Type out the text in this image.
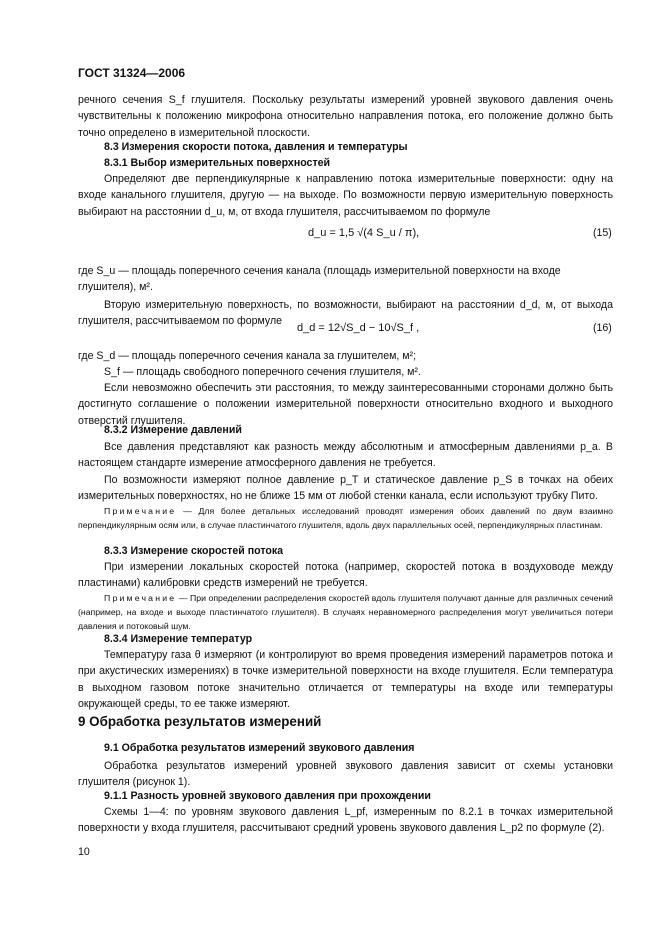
ГОСТ 31324—2006
речного сечения S_f глушителя. Поскольку результаты измерений уровней звукового давления очень чувствительны к положению микрофона относительно направления потока, его положение должно быть точно определено в измерительной плоскости.
8.3 Измерения скорости потока, давления и температуры
8.3.1 Выбор измерительных поверхностей
Определяют две перпендикулярные к направлению потока измерительные поверхности: одну на входе канального глушителя, другую — на выходе. По возможности первую измерительную поверхность выбирают на расстоянии d_u, м, от входа глушителя, рассчитываемом по формуле
d_u = 1,5 √(4 S_u / π),	(15)
где S_u — площадь поперечного сечения канала (площадь измерительной поверхности на входе глушителя), м².
Вторую измерительную поверхность, по возможности, выбирают на расстоянии d_d, м, от выхода глушителя, рассчитываемом по формуле
d_d = 12√S_d − 10√S_f ,	(16)
где S_d — площадь поперечного сечения канала за глушителем, м²;
S_f — площадь свободного поперечного сечения глушителя, м².
Если невозможно обеспечить эти расстояния, то между заинтересованными сторонами должно быть достигнуто соглашение о положении измерительной поверхности относительно входного и выходного отверстий глушителя.
8.3.2 Измерение давлений
Все давления представляют как разность между абсолютным и атмосферным давлениями p_a. В настоящем стандарте измерение атмосферного давления не требуется.
По возможности измеряют полное давление p_T и статическое давление p_S в точках на обеих измерительных поверхностях, но не ближе 15 мм от любой стенки канала, если используют трубку Пито.
Примечание — Для более детальных исследований проводят измерения обоих давлений по двум взаимно перпендикулярным осям или, в случае пластинчатого глушителя, вдоль двух параллельных осей, перпендикулярных пластинам.
8.3.3 Измерение скоростей потока
При измерении локальных скоростей потока (например, скоростей потока в воздуховоде между пластинами) калибровки средств измерений не требуется.
Примечание — При определении распределения скоростей вдоль глушителя получают данные для различных сечений (например, на входе и выходе пластинчатого глушителя). В случаях неравномерного распределения могут увеличиться потери давления и потоковый шум.
8.3.4 Измерение температур
Температуру газа θ измеряют (и контролируют во время проведения измерений параметров потока и при акустических измерениях) в точке измерительной поверхности на входе глушителя. Если температура в выходном газовом потоке значительно отличается от температуры на входе или температуры окружающей среды, то ее также измеряют.
9 Обработка результатов измерений
9.1 Обработка результатов измерений звукового давления
Обработка результатов измерений уровней звукового давления зависит от схемы установки глушителя (рисунок 1).
9.1.1 Разность уровней звукового давления при прохождении
Схемы 1—4: по уровням звукового давления L_pf, измеренным по 8.2.1 в точках измерительной поверхности у входа глушителя, рассчитывают средний уровень звукового давления L_p2 по формуле (2).
10
